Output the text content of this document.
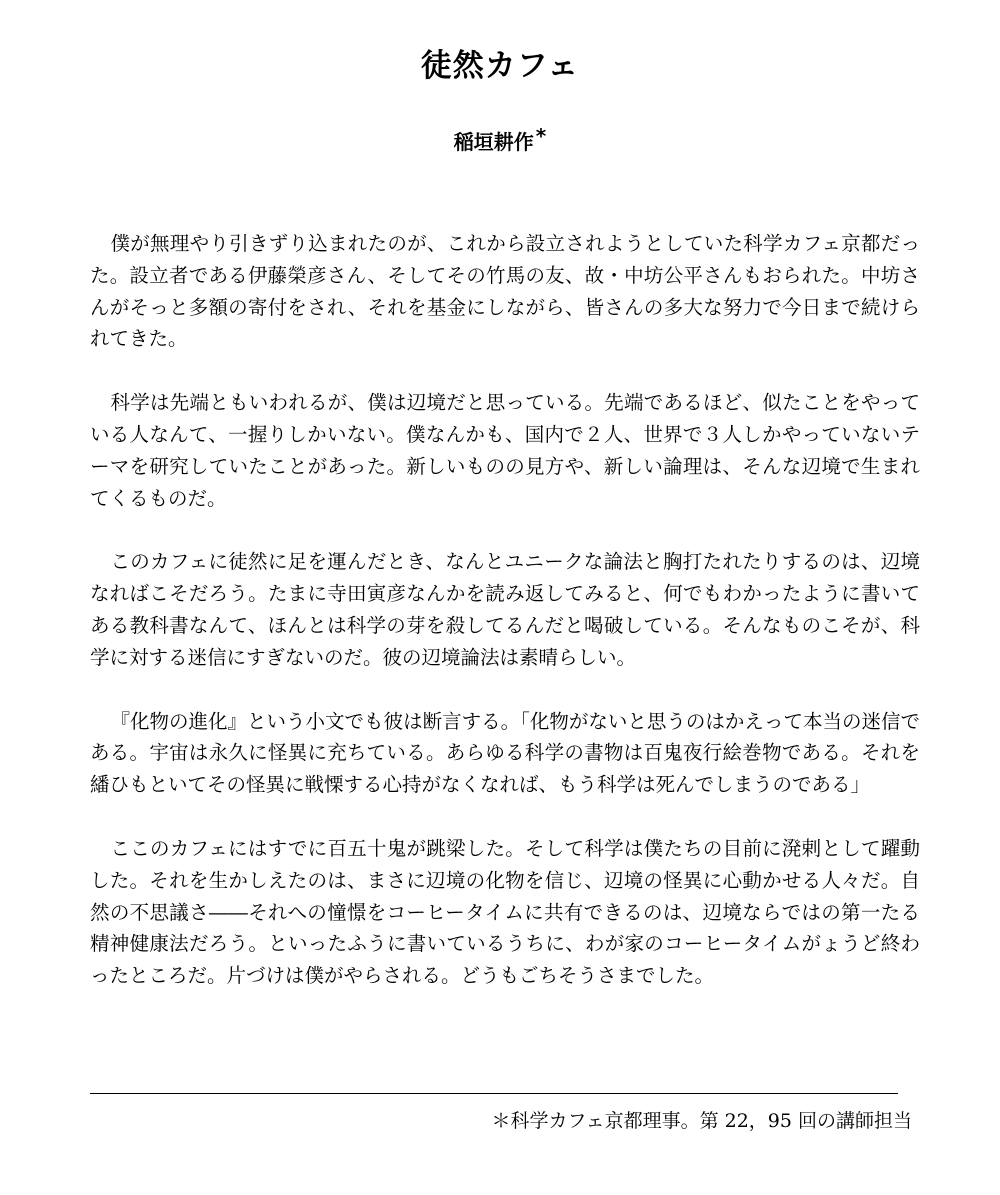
徒然カフェ
稲垣耕作 *

僕が無理やり引きずり込まれたのが、これから設立されようとしていた科学カフェ京都だった。設立者である伊藤榮彦さん、そしてその竹馬の友、故・中坊公平さんもおられた。中坊さんがそっと多額の寄付をされ、それを基金にしながら、皆さんの多大な努力で今日まで続けられてきた。

科学は先端ともいわれるが、僕は辺境だと思っている。先端であるほど、似たことをやっている人なんて、一握りしかいない。僕なんかも、国内で２人、世界で３人しかやっていないテーマを研究していたことがあった。新しいものの見方や、新しい論理は、そんな辺境で生まれてくるものだ。

このカフェに徒然に足を運んだとき、なんとユニークな論法と胸打たれたりするのは、辺境なればこそだろう。たまに寺田寅彦なんかを読み返してみると、何でもわかったように書いてある教科書なんて、ほんとは科学の芽を殺してるんだと喝破している。そんなものこそが、科学に対する迷信にすぎないのだ。彼の辺境論法は素晴らしい。

『化物の進化』という小文でも彼は断言する。「化物がないと思うのはかえって本当の迷信である。宇宙は永久に怪異に充ちている。あらゆる科学の書物は百鬼夜行絵巻物である。それを繙ひもといてその怪異に戦慄する心持がなくなれば、もう科学は死んでしまうのである」

ここのカフェにはすでに百五十鬼が跳梁した。そして科学は僕たちの目前に溌剌として躍動した。それを生かしえたのは、まさに辺境の化物を信じ、辺境の怪異に心動かせる人々だ。自然の不思議さ――それへの憧憬をコーヒータイムに共有できるのは、辺境ならではの第一たる精神健康法だろう。といったふうに書いているうちに、わが家のコーヒータイムがょうど終わったところだ。片づけは僕がやらされる。どうもごちそうさまでした。

＊科学カフェ京都理事。第 22，95 回の講師担当
